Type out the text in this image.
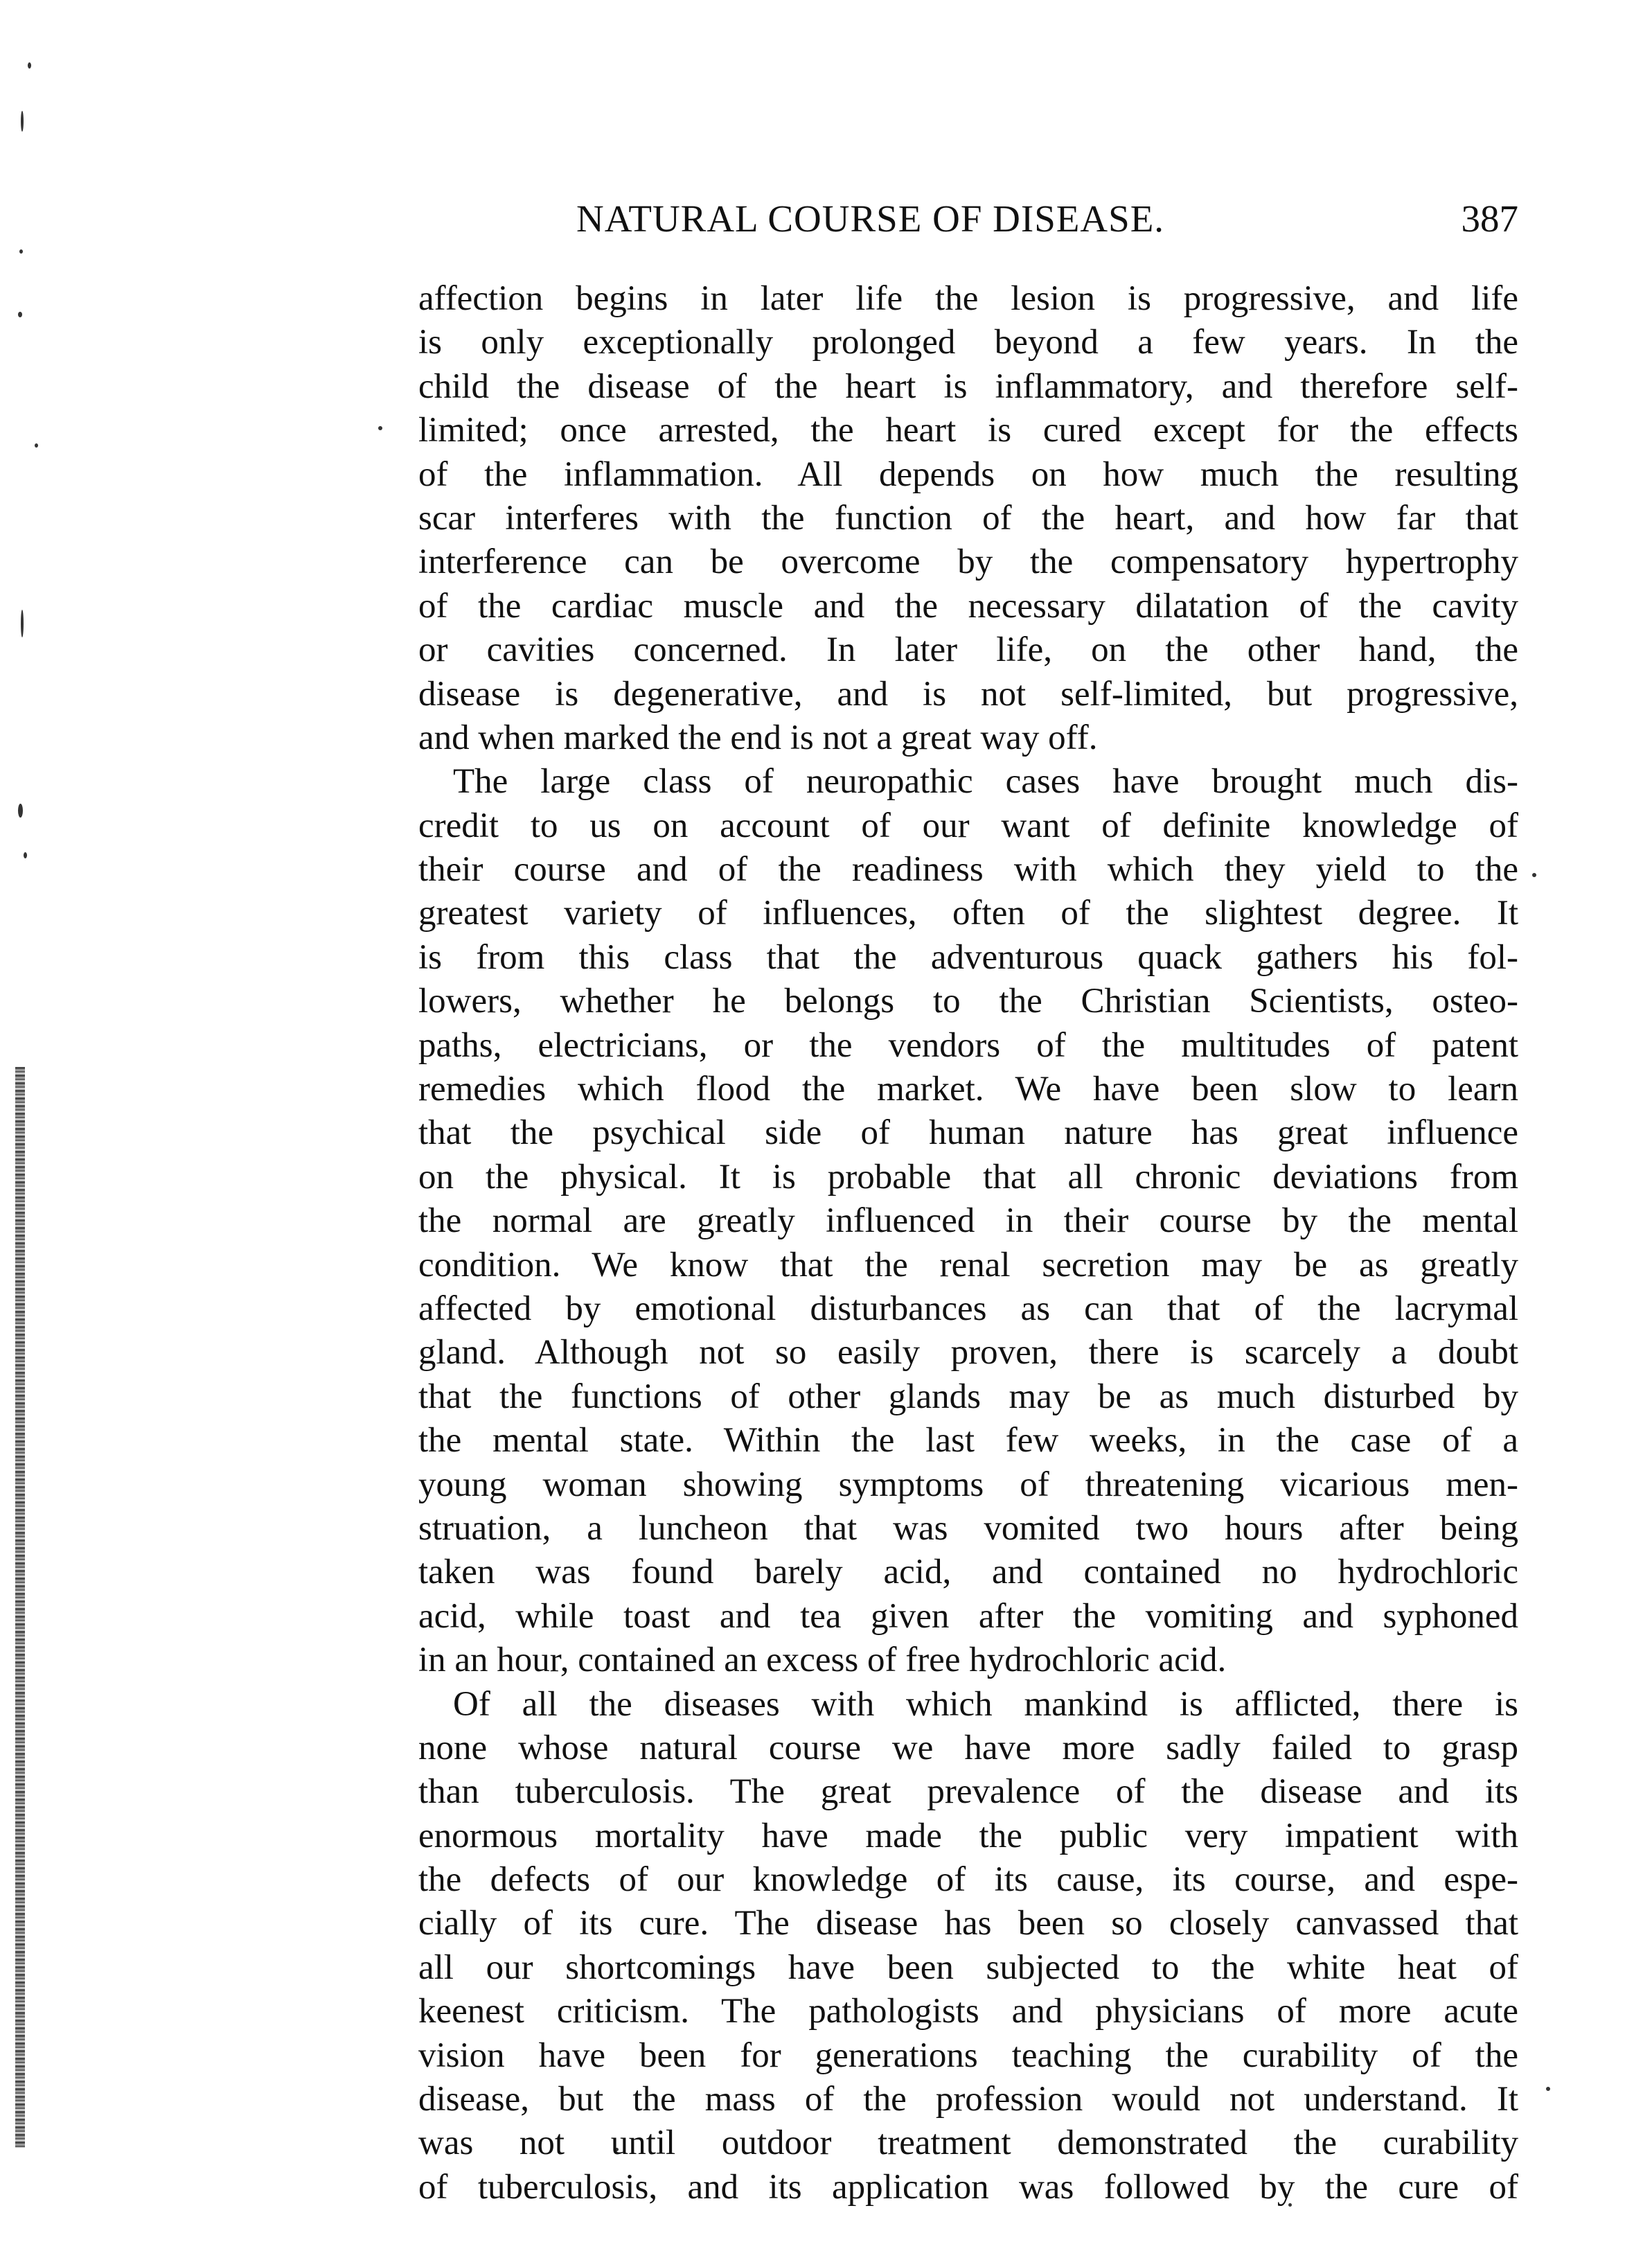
NATURAL COURSE OF DISEASE.	387
affection begins in later life the lesion is progressive, and life
is only exceptionally prolonged beyond a few years. In the
child the disease of the heart is inflammatory, and therefore self-
limited; once arrested, the heart is cured except for the effects
of the inflammation. All depends on how much the resulting
scar interferes with the function of the heart, and how far that
interference can be overcome by the compensatory hypertrophy
of the cardiac muscle and the necessary dilatation of the cavity
or cavities concerned. In later life, on the other hand, the
disease is degenerative, and is not self-limited, but progressive,
and when marked the end is not a great way off.
The large class of neuropathic cases have brought much dis-
credit to us on account of our want of definite knowledge of
their course and of the readiness with which they yield to the
greatest variety of influences, often of the slightest degree. It
is from this class that the adventurous quack gathers his fol-
lowers, whether he belongs to the Christian Scientists, osteo-
paths, electricians, or the vendors of the multitudes of patent
remedies which flood the market. We have been slow to learn
that the psychical side of human nature has great influence
on the physical. It is probable that all chronic deviations from
the normal are greatly influenced in their course by the mental
condition. We know that the renal secretion may be as greatly
affected by emotional disturbances as can that of the lacrymal
gland. Although not so easily proven, there is scarcely a doubt
that the functions of other glands may be as much disturbed by
the mental state. Within the last few weeks, in the case of a
young woman showing symptoms of threatening vicarious men-
struation, a luncheon that was vomited two hours after being
taken was found barely acid, and contained no hydrochloric
acid, while toast and tea given after the vomiting and syphoned
in an hour, contained an excess of free hydrochloric acid.
Of all the diseases with which mankind is afflicted, there is
none whose natural course we have more sadly failed to grasp
than tuberculosis. The great prevalence of the disease and its
enormous mortality have made the public very impatient with
the defects of our knowledge of its cause, its course, and espe-
cially of its cure. The disease has been so closely canvassed that
all our shortcomings have been subjected to the white heat of
keenest criticism. The pathologists and physicians of more acute
vision have been for generations teaching the curability of the
disease, but the mass of the profession would not understand. It
was not until outdoor treatment demonstrated the curability
of tuberculosis, and its application was followed by the cure of
